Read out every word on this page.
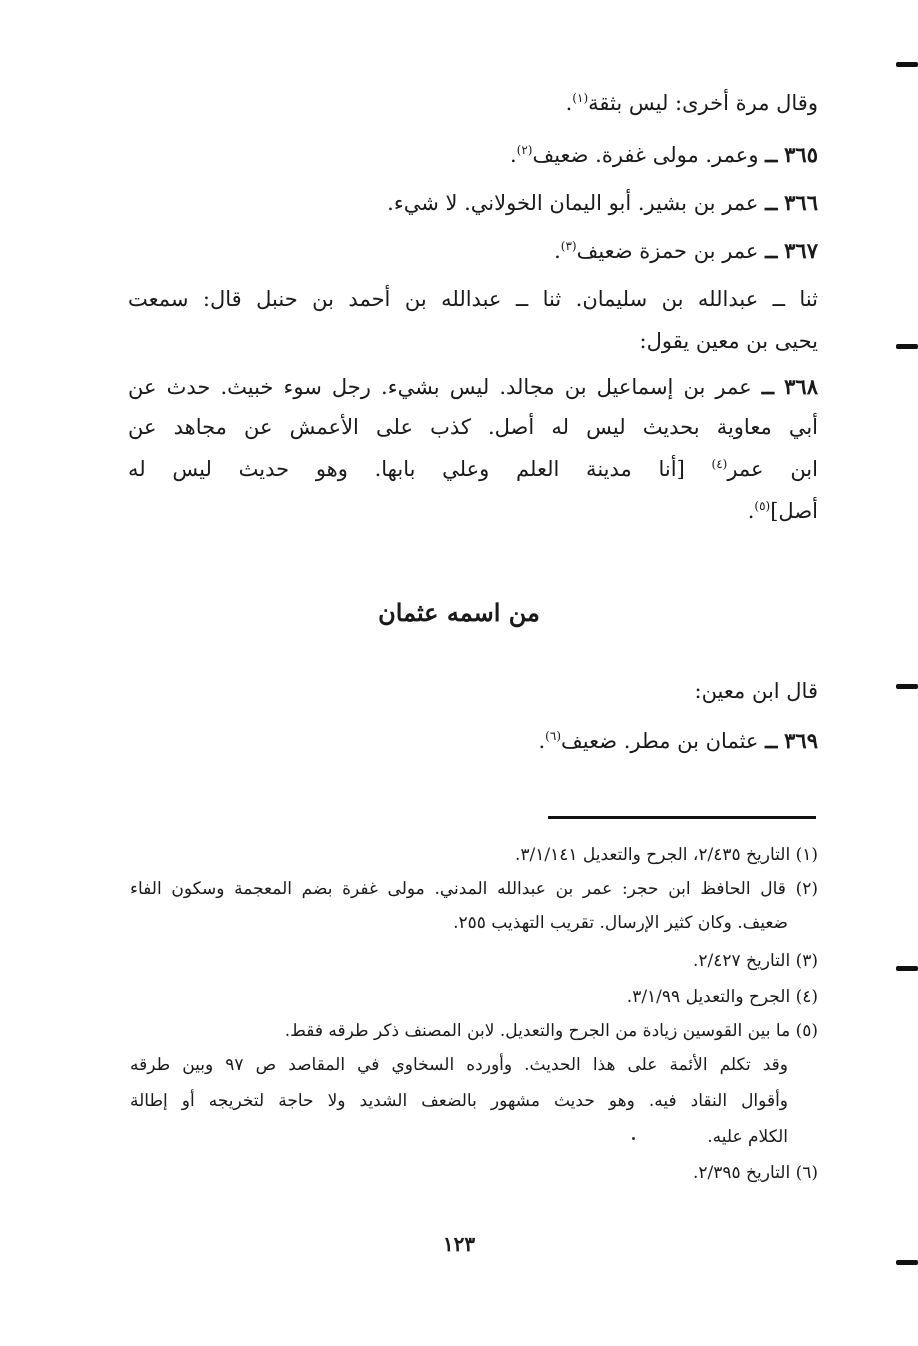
وقال مرة أخرى: ليس بثقة$^{(١)}$.
٣٦٥ ــ وعمر. مولى غفرة. ضعيف$^{(٢)}$.
٣٦٦ ــ عمر بن بشير. أبو اليمان الخولاني. لا شيء.
٣٦٧ ــ عمر بن حمزة ضعيف$^{(٣)}$.
ثنا ــ عبدالله بن سليمان. ثنا ــ عبدالله بن أحمد بن حنبل قال: سمعت
يحيى بن معين يقول:
٣٦٨ ــ عمر بن إسماعيل بن مجالد. ليس بشيء. رجل سوء خبيث. حدث عن
أبي معاوية بحديث ليس له أصل. كذب على الأعمش عن مجاهد عن
ابن عمر$^{(٤)}$ [أنا مدينة العلم وعلي بابها. وهو حديث ليس له
أصل]$^{(٥)}$.
من اسمه عثمان
قال ابن معين:
٣٦٩ ــ عثمان بن مطر. ضعيف$^{(٦)}$.
(١) التاريخ ٢/٤٣٥، الجرح والتعديل ٣/١/١٤١.
(٢) قال الحافظ ابن حجر: عمر بن عبدالله المدني. مولى غفرة بضم المعجمة وسكون الفاء
ضعيف. وكان كثير الإرسال. تقريب التهذيب ٢٥٥.
(٣) التاريخ ٢/٤٢٧.
(٤) الجرح والتعديل ٣/١/٩٩.
(٥) ما بين القوسين زيادة من الجرح والتعديل. لابن المصنف ذكر طرقه فقط.
وقد تكلم الأئمة على هذا الحديث. وأورده السخاوي في المقاصد ص ٩٧ وبين طرقه
وأقوال النقاد فيه. وهو حديث مشهور بالضعف الشديد ولا حاجة لتخريجه أو إطالة
الكلام عليه.
(٦) التاريخ ٢/٣٩٥.
١٢٣
